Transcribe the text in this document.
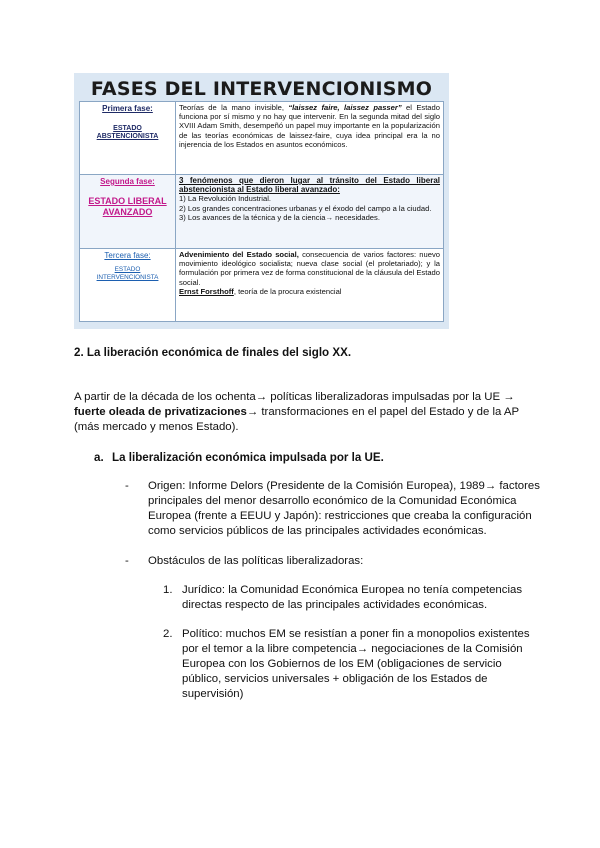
FASES DEL INTERVENCIONISMO
Primera fase:
ESTADO ABSTENCIONISTA	Teorías de la mano invisible, “laissez faire, laissez passer” el Estado funciona por sí mismo y no hay que intervenir. En la segunda mitad del siglo XVIII Adam Smith, desempeñó un papel muy importante en la popularización de las teorías económicas de laissez-faire, cuya idea principal era la no injerencia de los Estados en asuntos económicos.

Segunda fase:
ESTADO LIBERAL AVANZADO	3 fenómenos que dieron lugar al tránsito del Estado liberal abstencionista al Estado liberal avanzado:
1) La Revolución Industrial.
2) Los grandes concentraciones urbanas y el éxodo del campo a la ciudad.
3) Los avances de la técnica y de la ciencia→ necesidades.

Tercera fase:
ESTADO INTERVENCIONISTA	Advenimiento del Estado social, consecuencia de varios factores: nuevo movimiento ideológico socialista; nueva clase social (el proletariado); y la formulación por primera vez de forma constitucional de la cláusula del Estado social.
Ernst Forsthoff, teoría de la procura existencial
2. La liberación económica de finales del siglo XX.
A partir de la década de los ochenta→ políticas liberalizadoras impulsadas por la UE →
fuerte oleada de privatizaciones→ transformaciones en el papel del Estado y de la AP (más mercado y menos Estado).
a. La liberalización económica impulsada por la UE.
- Origen: Informe Delors (Presidente de la Comisión Europea), 1989→ factores principales del menor desarrollo económico de la Comunidad Económica Europea (frente a EEUU y Japón): restricciones que creaba la configuración como servicios públicos de las principales actividades económicas.
- Obstáculos de las políticas liberalizadoras:
1. Jurídico: la Comunidad Económica Europea no tenía competencias directas respecto de las principales actividades económicas.
2. Político: muchos EM se resistían a poner fin a monopolios existentes por el temor a la libre competencia→ negociaciones de la Comisión Europea con los Gobiernos de los EM (obligaciones de servicio público, servicios universales + obligación de los Estados de supervisión)
